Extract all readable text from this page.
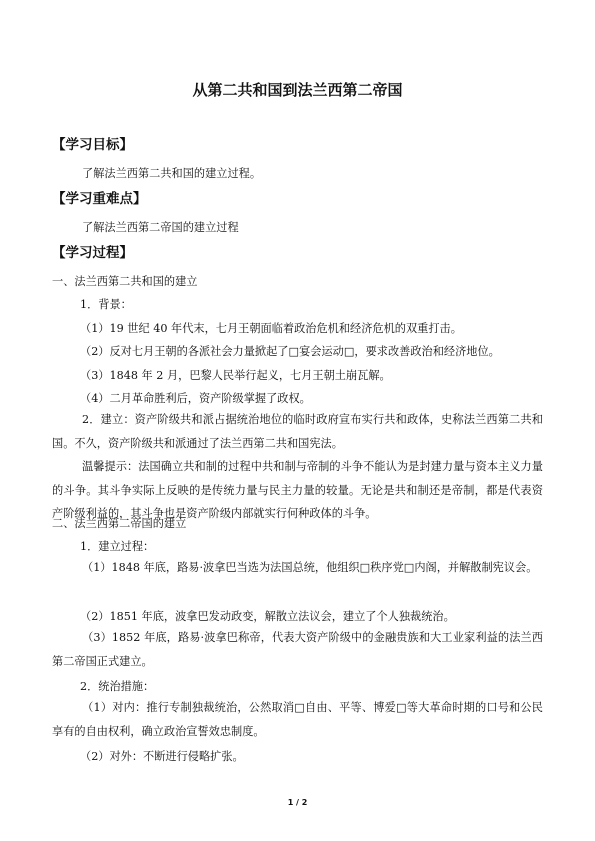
从第二共和国到法兰西第二帝国
【学习目标】
了解法兰西第二共和国的建立过程。
【学习重难点】
了解法兰西第二帝国的建立过程
【学习过程】
一、法兰西第二共和国的建立
1．背景：
（1）19 世纪 40 年代末，七月王朝面临着政治危机和经济危机的双重打击。
（2）反对七月王朝的各派社会力量掀起了□宴会运动□，要求改善政治和经济地位。
（3）1848 年 2 月，巴黎人民举行起义，七月王朝土崩瓦解。
（4）二月革命胜利后，资产阶级掌握了政权。
2．建立：资产阶级共和派占据统治地位的临时政府宣布实行共和政体，史称法兰西第二共和国。不久，资产阶级共和派通过了法兰西第二共和国宪法。
温馨提示：法国确立共和制的过程中共和制与帝制的斗争不能认为是封建力量与资本主义力量的斗争。其斗争实际上反映的是传统力量与民主力量的较量。无论是共和制还是帝制，都是代表资产阶级利益的，其斗争也是资产阶级内部就实行何种政体的斗争。
二、法兰西第二帝国的建立
1．建立过程：
（1）1848 年底，路易·波拿巴当选为法国总统，他组织□秩序党□内阁，并解散制宪议会。
（2）1851 年底，波拿巴发动政变，解散立法议会，建立了个人独裁统治。
（3）1852 年底，路易·波拿巴称帝，代表大资产阶级中的金融贵族和大工业家利益的法兰西第二帝国正式建立。
2．统治措施：
（1）对内：推行专制独裁统治，公然取消□自由、平等、博爱□等大革命时期的口号和公民享有的自由权利，确立政治宣誓效忠制度。
（2）对外：不断进行侵略扩张。
1 / 2
